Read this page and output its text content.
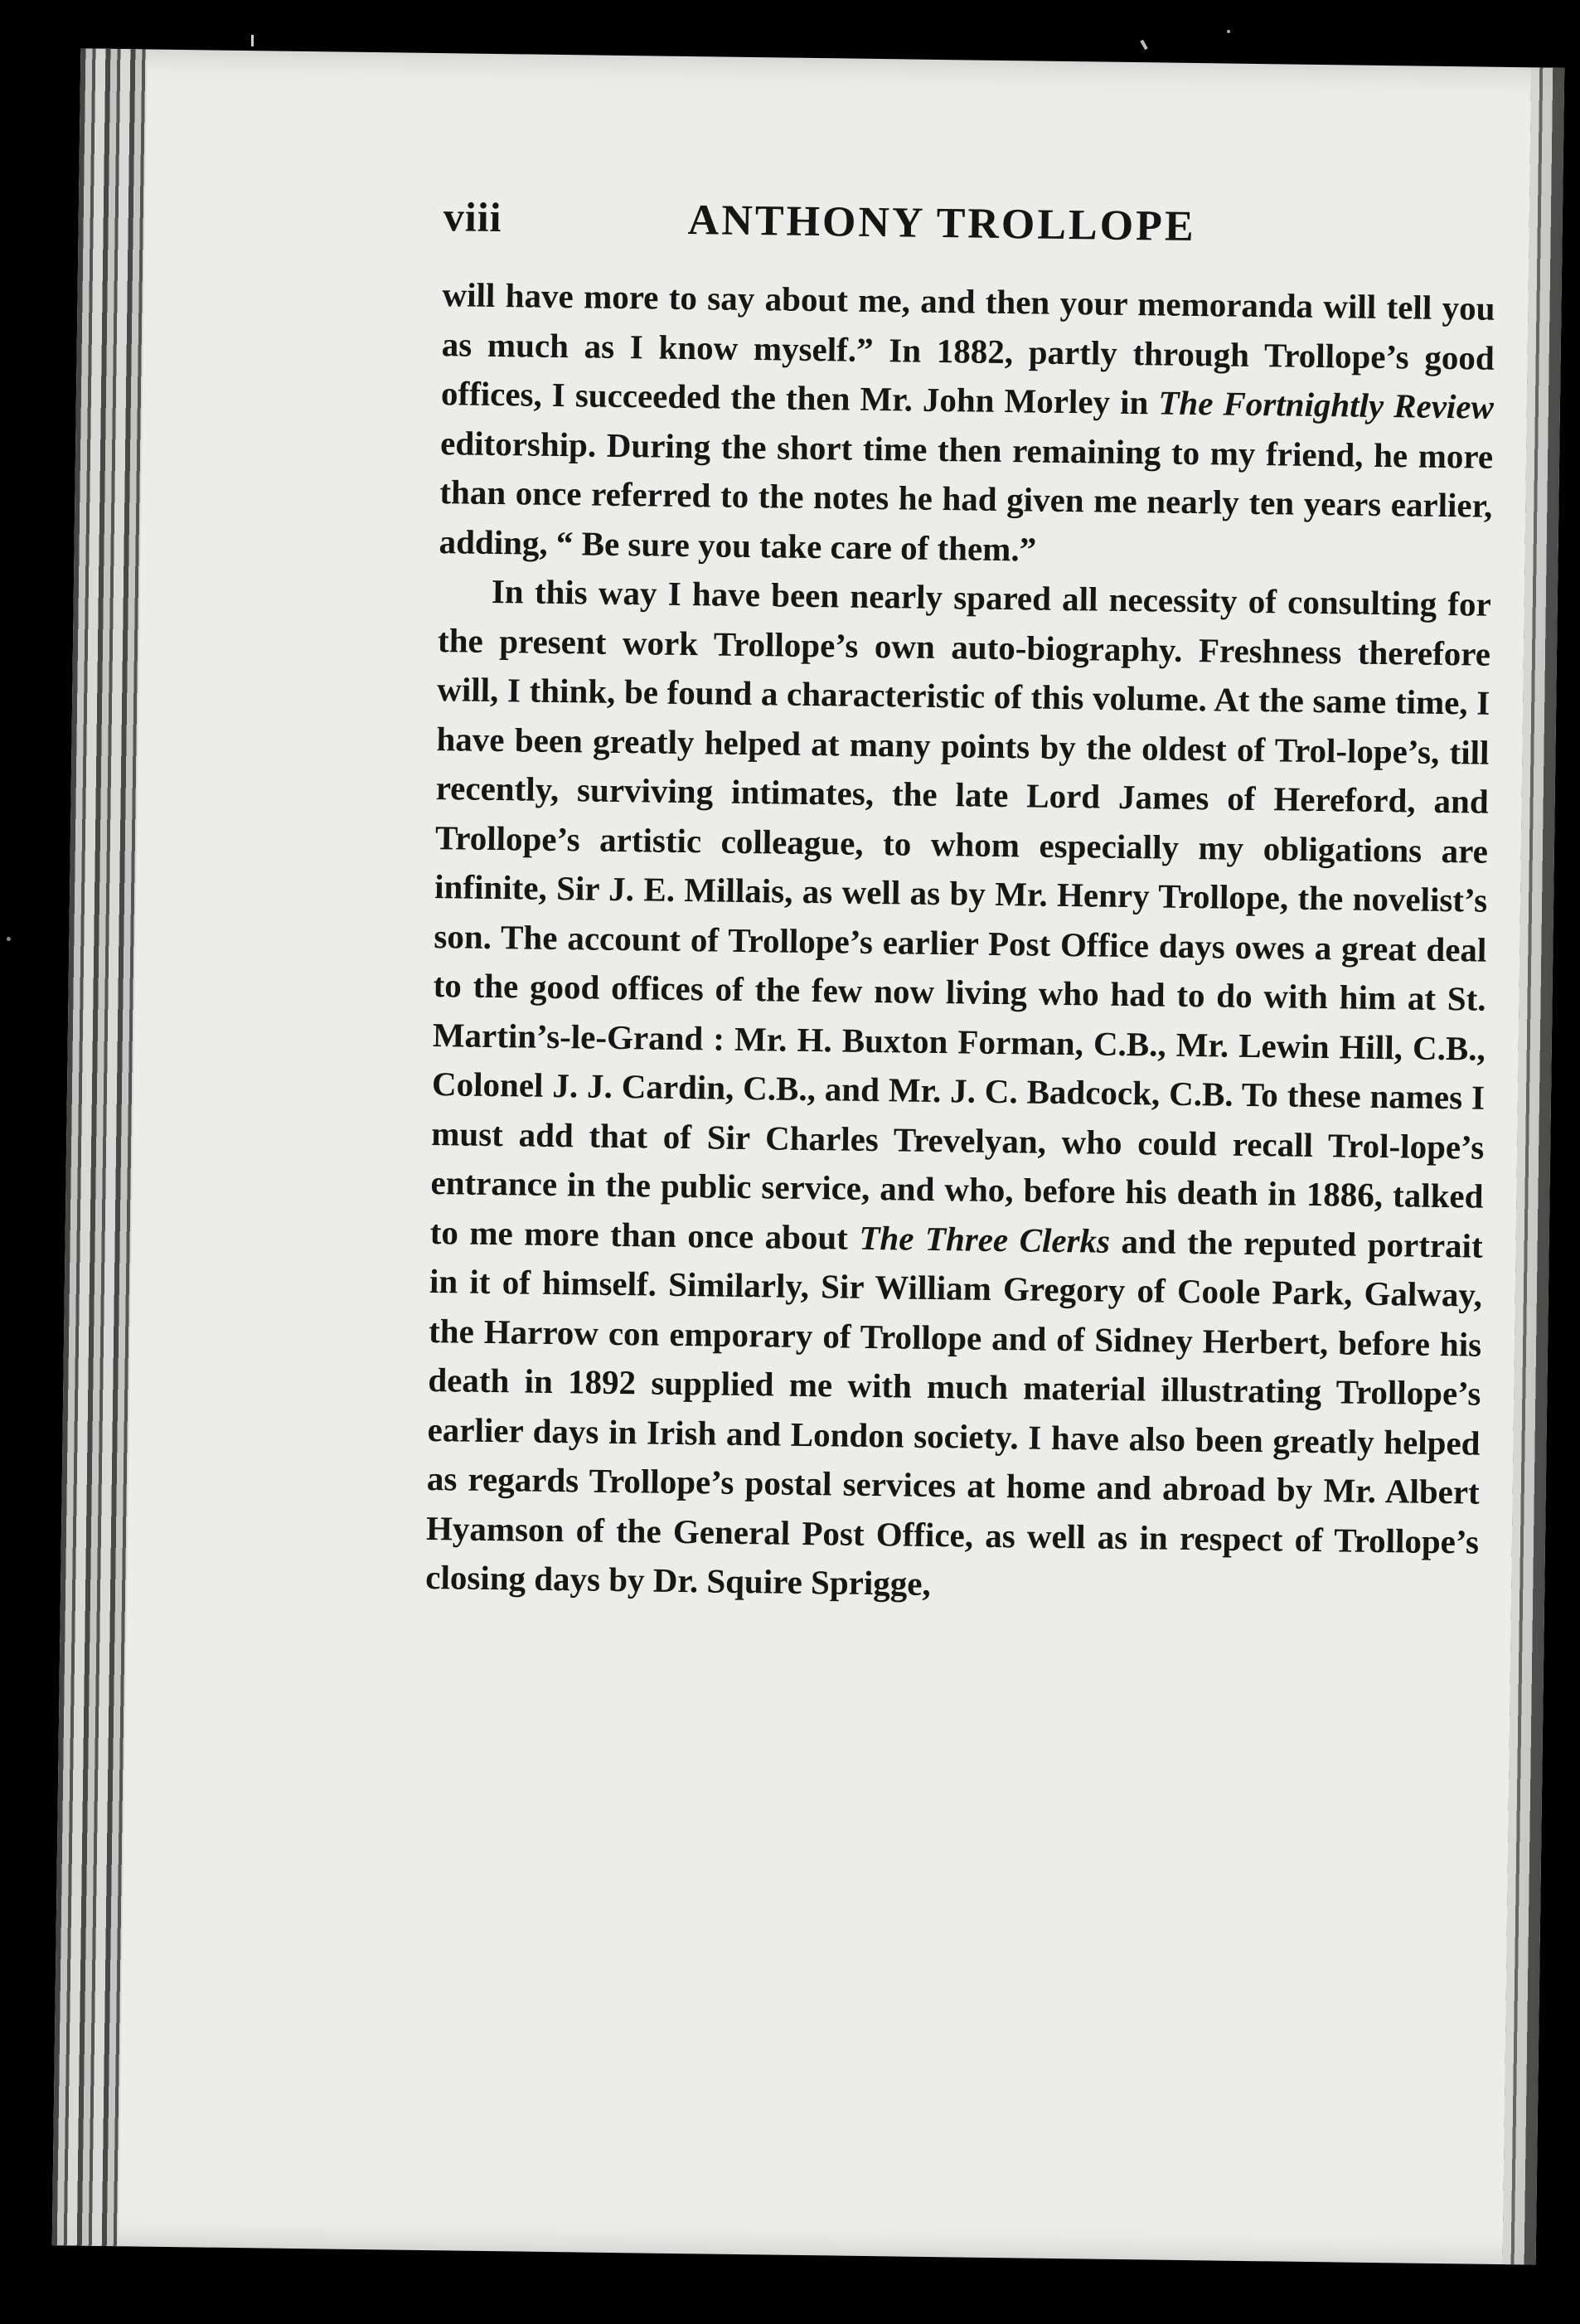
viii	ANTHONY TROLLOPE

will have more to say about me, and then your memoranda will tell you as much as I know myself.” In 1882, partly through Trollope’s good offices, I succeeded the then Mr. John Morley in The Fortnightly Review editorship. During the short time then remaining to my friend, he more than once referred to the notes he had given me nearly ten years earlier, adding, “ Be sure you take care of them.”

In this way I have been nearly spared all necessity of consulting for the present work Trollope’s own auto-biography. Freshness therefore will, I think, be found a characteristic of this volume. At the same time, I have been greatly helped at many points by the oldest of Trol-lope’s, till recently, surviving intimates, the late Lord James of Hereford, and Trollope’s artistic colleague, to whom especially my obligations are infinite, Sir J. E. Millais, as well as by Mr. Henry Trollope, the novelist’s son. The account of Trollope’s earlier Post Office days owes a great deal to the good offices of the few now living who had to do with him at St. Martin’s-le-Grand : Mr. H. Buxton Forman, C.B., Mr. Lewin Hill, C.B., Colonel J. J. Cardin, C.B., and Mr. J. C. Badcock, C.B. To these names I must add that of Sir Charles Trevelyan, who could recall Trol-lope’s entrance in the public service, and who, before his death in 1886, talked to me more than once about The Three Clerks and the reputed portrait in it of himself. Similarly, Sir William Gregory of Coole Park, Galway, the Harrow con emporary of Trollope and of Sidney Herbert, before his death in 1892 supplied me with much material illustrating Trollope’s earlier days in Irish and London society. I have also been greatly helped as regards Trollope’s postal services at home and abroad by Mr. Albert Hyamson of the General Post Office, as well as in respect of Trollope’s closing days by Dr. Squire Sprigge,
